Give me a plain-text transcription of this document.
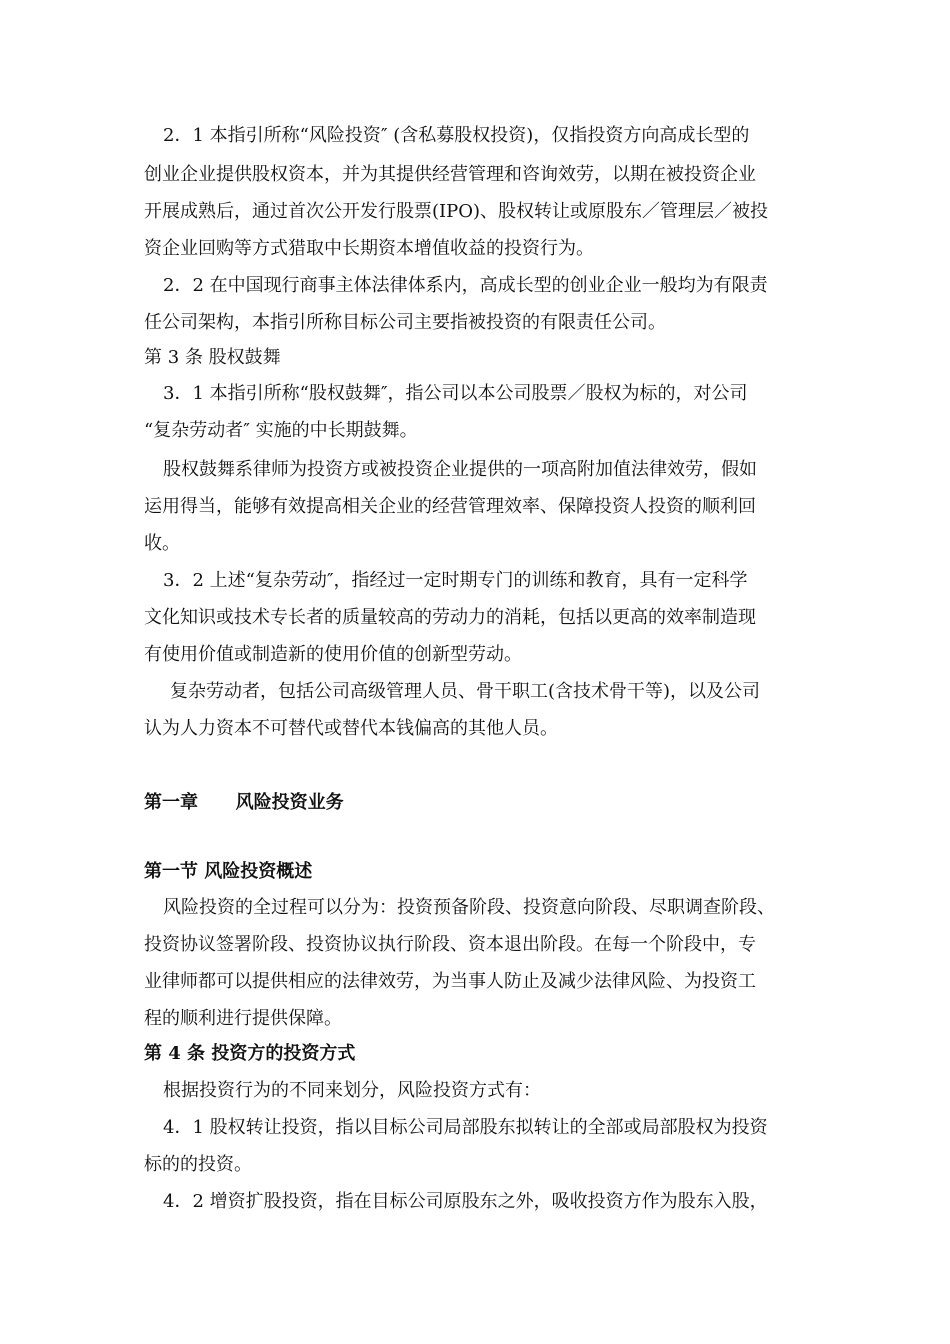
2．1 本指引所称“风险投资″ (含私募股权投资)，仅指投资方向高成长型的
创业企业提供股权资本，并为其提供经营管理和咨询效劳，以期在被投资企业
开展成熟后，通过首次公开发行股票(IPO)、股权转让或原股东／管理层／被投
资企业回购等方式猎取中长期资本增值收益的投资行为。
2．2 在中国现行商事主体法律体系内，高成长型的创业企业一般均为有限责
任公司架构，本指引所称目标公司主要指被投资的有限责任公司。
第 3 条 股权鼓舞
3．1 本指引所称“股权鼓舞″，指公司以本公司股票／股权为标的，对公司
“复杂劳动者″ 实施的中长期鼓舞。
股权鼓舞系律师为投资方或被投资企业提供的一项高附加值法律效劳，假如
运用得当，能够有效提高相关企业的经营管理效率、保障投资人投资的顺利回
收。
3．2 上述“复杂劳动″，指经过一定时期专门的训练和教育，具有一定科学
文化知识或技术专长者的质量较高的劳动力的消耗，包括以更高的效率制造现
有使用价值或制造新的使用价值的创新型劳动。
复杂劳动者，包括公司高级管理人员、骨干职工(含技术骨干等)，以及公司
认为人力资本不可替代或替代本钱偏高的其他人员。
第一章      风险投资业务
第一节 风险投资概述
风险投资的全过程可以分为：投资预备阶段、投资意向阶段、尽职调查阶段、
投资协议签署阶段、投资协议执行阶段、资本退出阶段。在每一个阶段中，专
业律师都可以提供相应的法律效劳，为当事人防止及减少法律风险、为投资工
程的顺利进行提供保障。
第 4 条 投资方的投资方式
根据投资行为的不同来划分，风险投资方式有：
4．1 股权转让投资，指以目标公司局部股东拟转让的全部或局部股权为投资
标的的投资。
4．2 增资扩股投资，指在目标公司原股东之外，吸收投资方作为股东入股，
